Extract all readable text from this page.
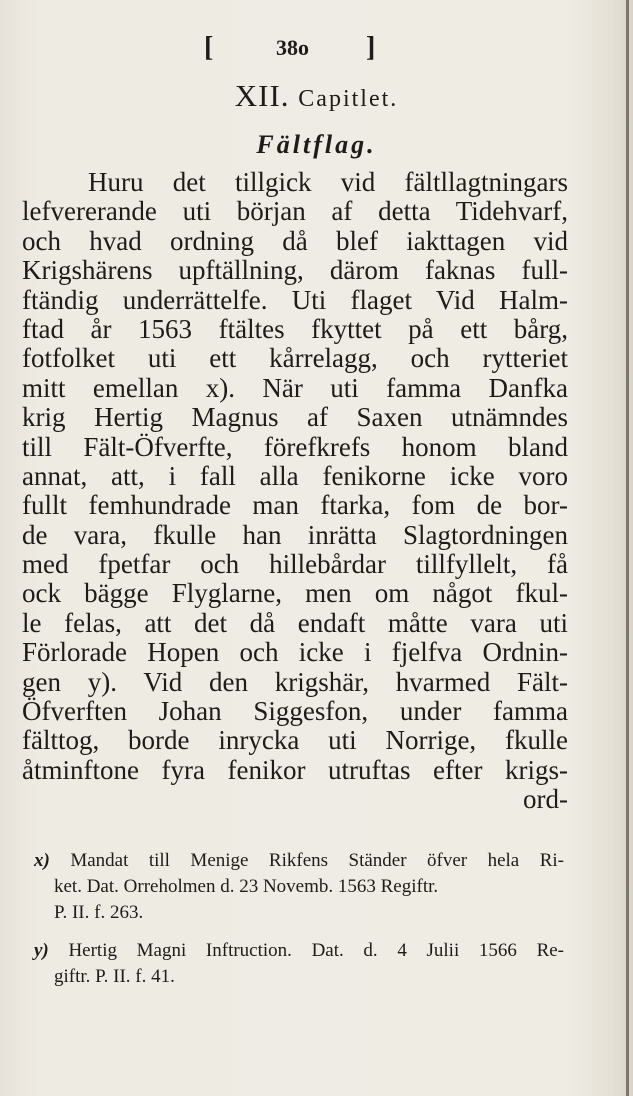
[	38o ]
XII. Capitlet.
Fältflag.
Huru det tillgick vid fältllagtningars
lefvererande uti början af detta Tidehvarf,
och hvad ordning då blef iakttagen vid
Krigshärens upftällning, därom faknas full-
ftändig underrättelfe. Uti flaget Vid Halm-
ftad år 1563 ftältes fkyttet på ett bårg,
fotfolket uti ett kårrelagg, och rytteriet
mitt emellan x). När uti famma Danfka
krig Hertig Magnus af Saxen utnämndes
till Fält-Öfverfte, förefkrefs honom bland
annat, att, i fall alla fenikorne icke voro
fullt femhundrade man ftarka, fom de bor-
de vara, fkulle han inrätta Slagtordningen
med fpetfar och hillebårdar tillfyllelt, få
ock bägge Flyglarne, men om något fkul-
le felas, att det då endaft måtte vara uti
Förlorade Hopen och icke i fjelfva Ordnin-
gen y). Vid den krigshär, hvarmed Fält-
Öfverften Johan Siggesfon, under famma
fälttog, borde inrycka uti Norrige, fkulle
åtminftone fyra fenikor utruftas efter krigs-
ord-
x) Mandat till Menige Rikfens Ständer öfver hela Ri-
ket. Dat. Orreholmen d. 23 Novemb. 1563 Regiftr.
P. II. f. 263.
y) Hertig Magni Inftruction. Dat. d. 4 Julii 1566 Re-
giftr. P. II. f. 41.
